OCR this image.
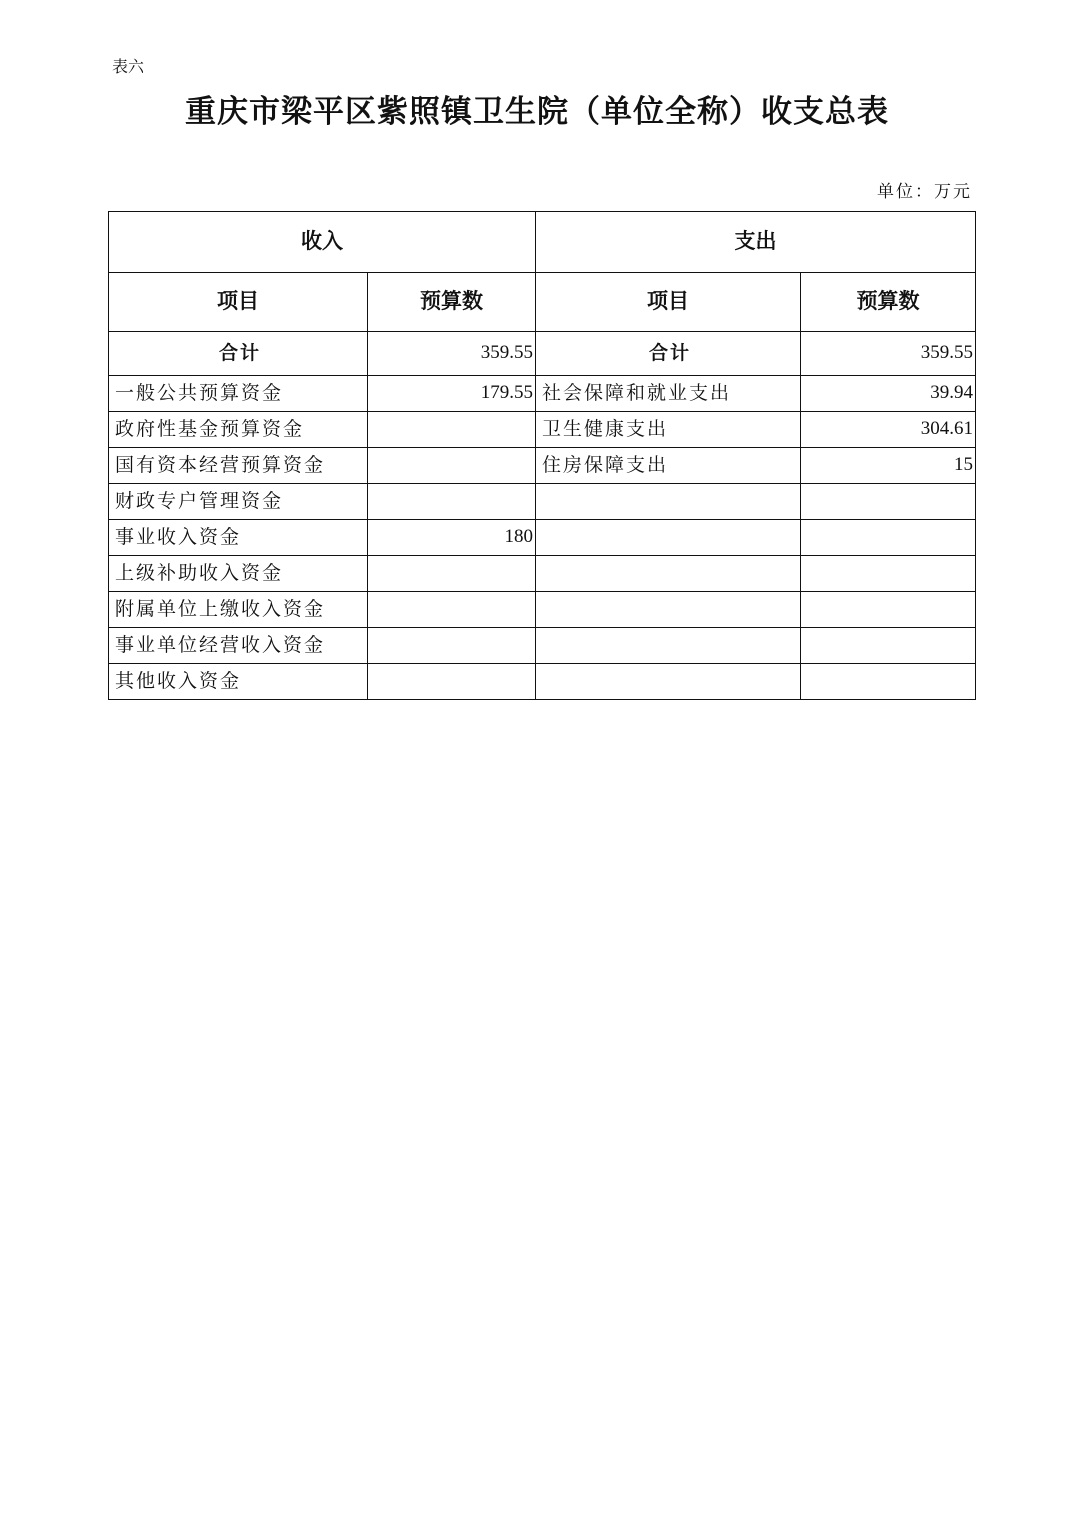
表六
重庆市梁平区紫照镇卫生院（单位全称）收支总表
单位：万元
收入		支出	
项目	预算数	项目	预算数
合计	359.55	合计	359.55
一般公共预算资金	179.55	社会保障和就业支出	39.94
政府性基金预算资金		卫生健康支出	304.61
国有资本经营预算资金		住房保障支出	15
财政专户管理资金			
事业收入资金	180		
上级补助收入资金			
附属单位上缴收入资金			
事业单位经营收入资金			
其他收入资金			
